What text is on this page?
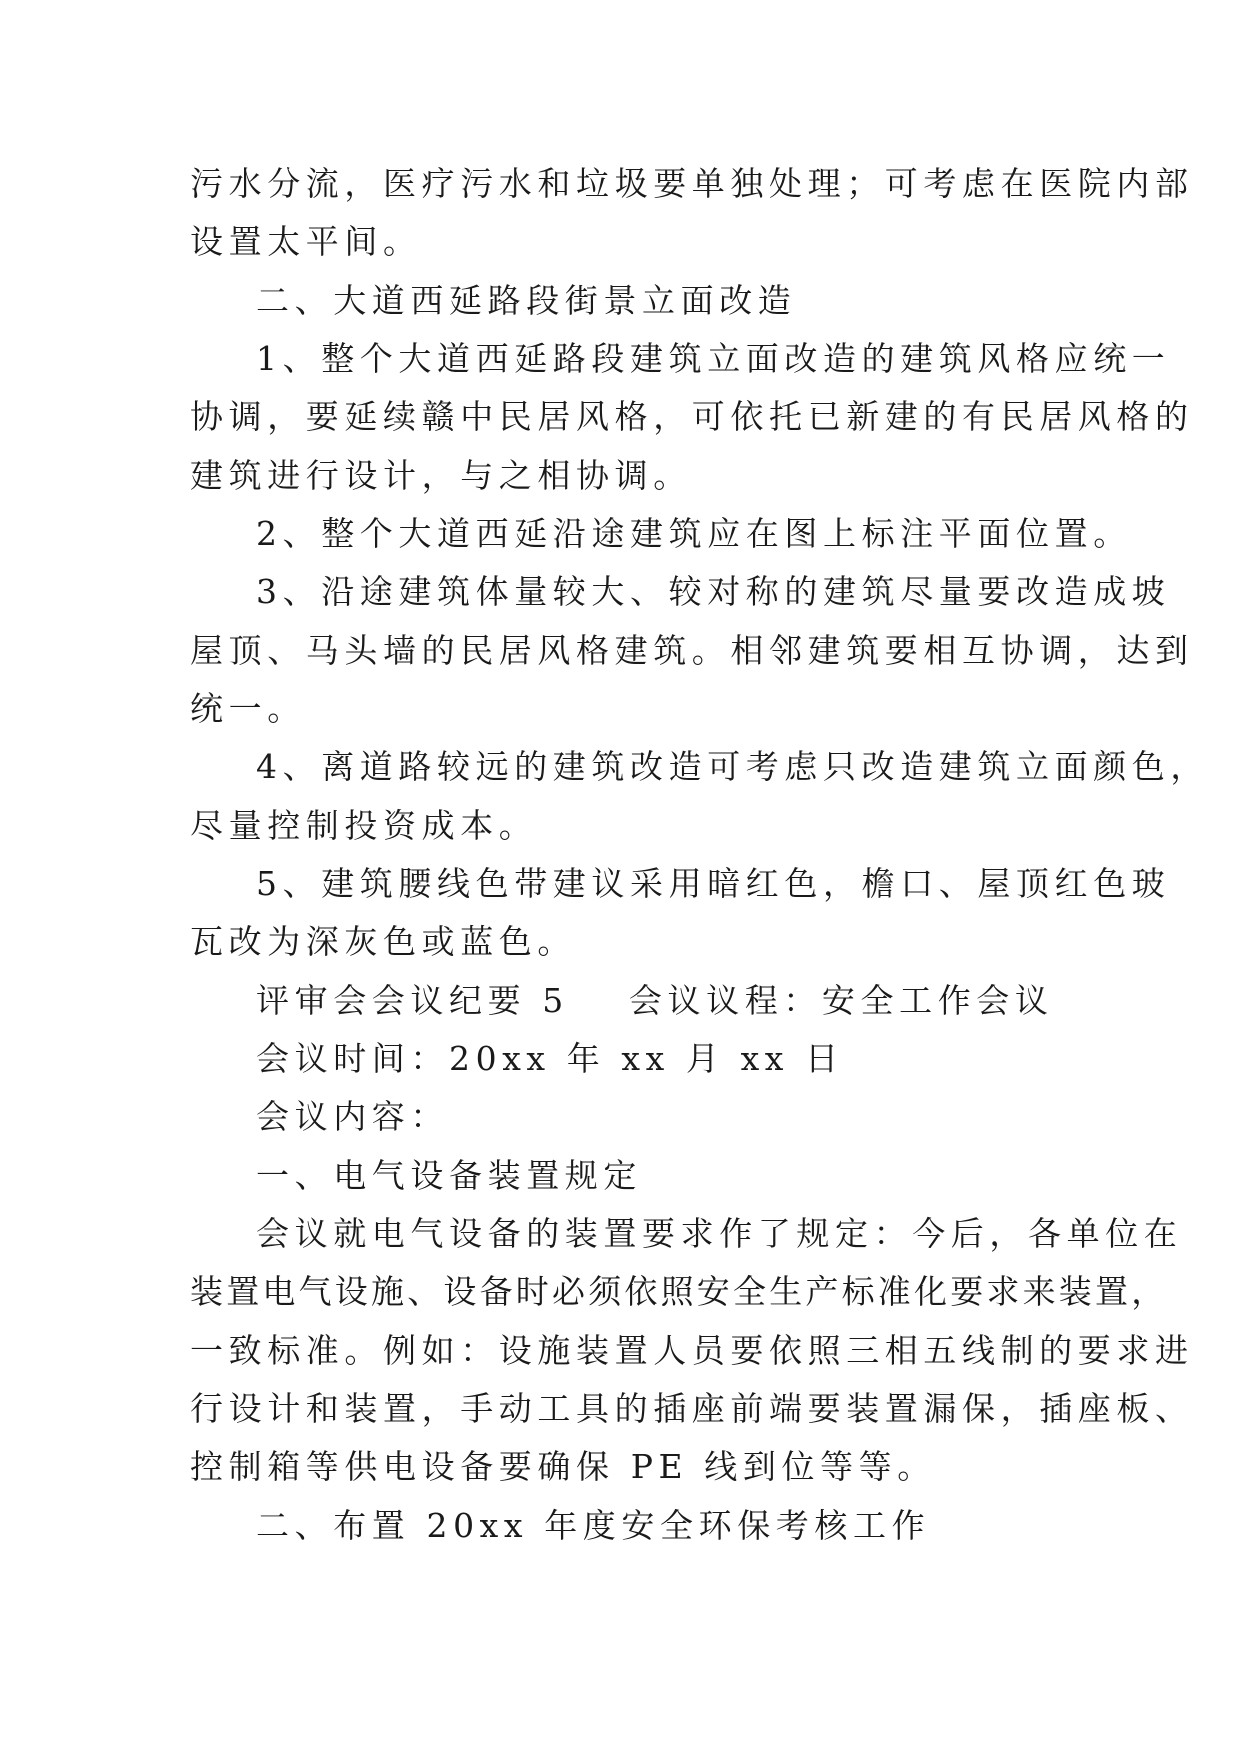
污水分流，医疗污水和垃圾要单独处理；可考虑在医院内部
设置太平间。
二、大道西延路段街景立面改造
1、整个大道西延路段建筑立面改造的建筑风格应统一
协调，要延续赣中民居风格，可依托已新建的有民居风格的
建筑进行设计，与之相协调。
2、整个大道西延沿途建筑应在图上标注平面位置。
3、沿途建筑体量较大、较对称的建筑尽量要改造成坡
屋顶、马头墙的民居风格建筑。相邻建筑要相互协调，达到
统一。
4、离道路较远的建筑改造可考虑只改造建筑立面颜色，
尽量控制投资成本。
5、建筑腰线色带建议采用暗红色，檐口、屋顶红色玻
瓦改为深灰色或蓝色。
评审会会议纪要 5 会议议程：安全工作会议
会议时间：20xx 年 xx 月 xx 日
会议内容：
一、电气设备装置规定
会议就电气设备的装置要求作了规定：今后，各单位在
装置电气设施、设备时必须依照安全生产标准化要求来装置，
一致标准。例如：设施装置人员要依照三相五线制的要求进
行设计和装置，手动工具的插座前端要装置漏保，插座板、
控制箱等供电设备要确保 PE 线到位等等。
二、布置 20xx 年度安全环保考核工作
